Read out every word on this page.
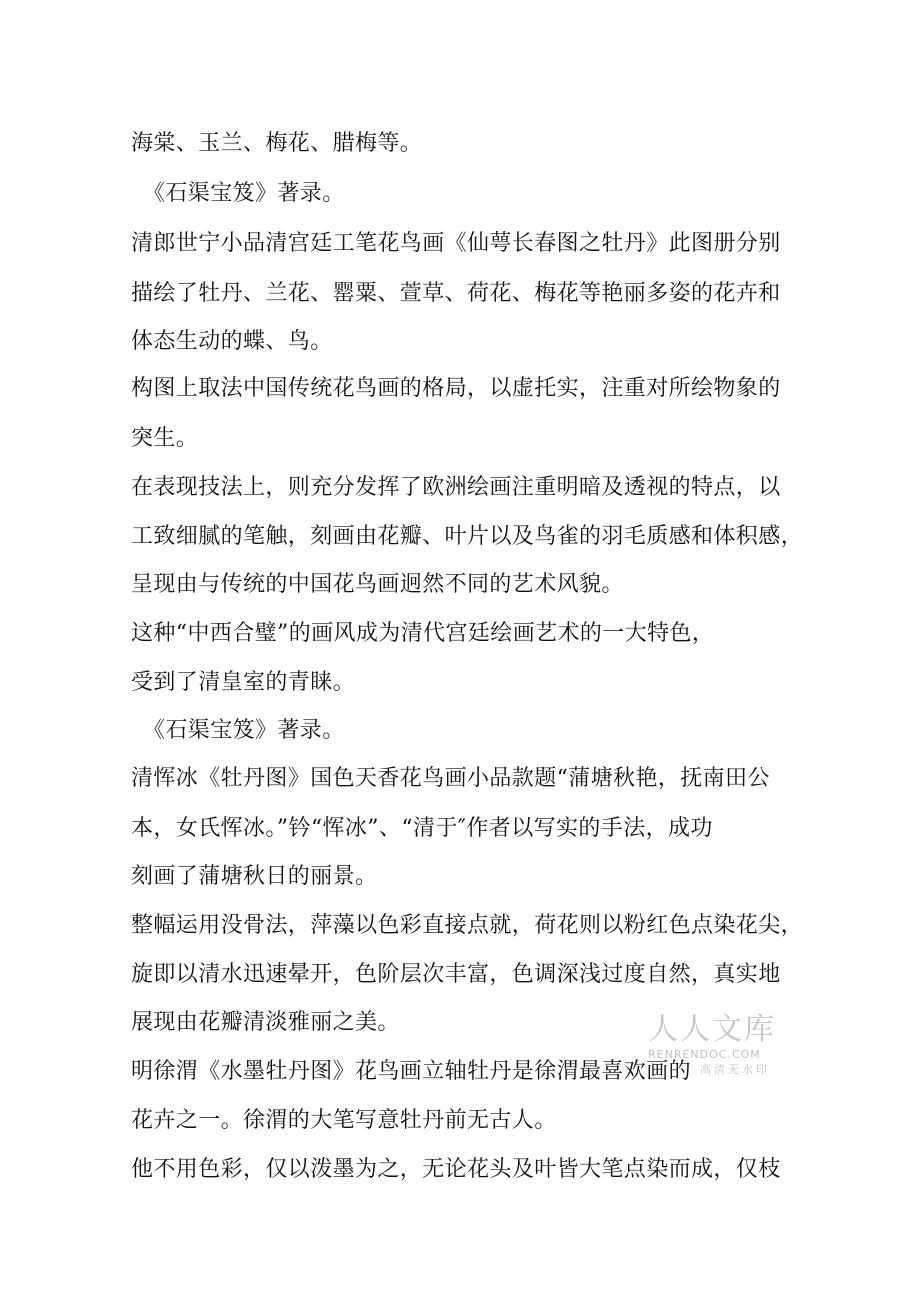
海棠、玉兰、梅花、腊梅等。
《石渠宝笈》著录。
清郎世宁小品清宫廷工笔花鸟画《仙萼长春图之牡丹》此图册分别
描绘了牡丹、兰花、罂粟、萱草、荷花、梅花等艳丽多姿的花卉和
体态生动的蝶、鸟。
构图上取法中国传统花鸟画的格局，以虚托实，注重对所绘物象的
突生。
在表现技法上，则充分发挥了欧洲绘画注重明暗及透视的特点，以
工致细腻的笔触，刻画由花瓣、叶片以及鸟雀的羽毛质感和体积感，
呈现由与传统的中国花鸟画迥然不同的艺术风貌。
这种“中西合璧”的画风成为清代宫廷绘画艺术的一大特色，
受到了清皇室的青睐。
《石渠宝笈》著录。
清恽冰《牡丹图》国色天香花鸟画小品款题“蒲塘秋艳，抚南田公
本，女氏恽冰。”钤“恽冰”、“清于″作者以写实的手法，成功
刻画了蒲塘秋日的丽景。
整幅运用没骨法，萍藻以色彩直接点就，荷花则以粉红色点染花尖，
旋即以清水迅速晕开，色阶层次丰富，色调深浅过度自然，真实地
展现由花瓣清淡雅丽之美。
明徐渭《水墨牡丹图》花鸟画立轴牡丹是徐渭最喜欢画的
花卉之一。徐渭的大笔写意牡丹前无古人。
他不用色彩，仅以泼墨为之，无论花头及叶皆大笔点染而成，仅枝
人人文库
RENRENDOC.COM
高清无水印
